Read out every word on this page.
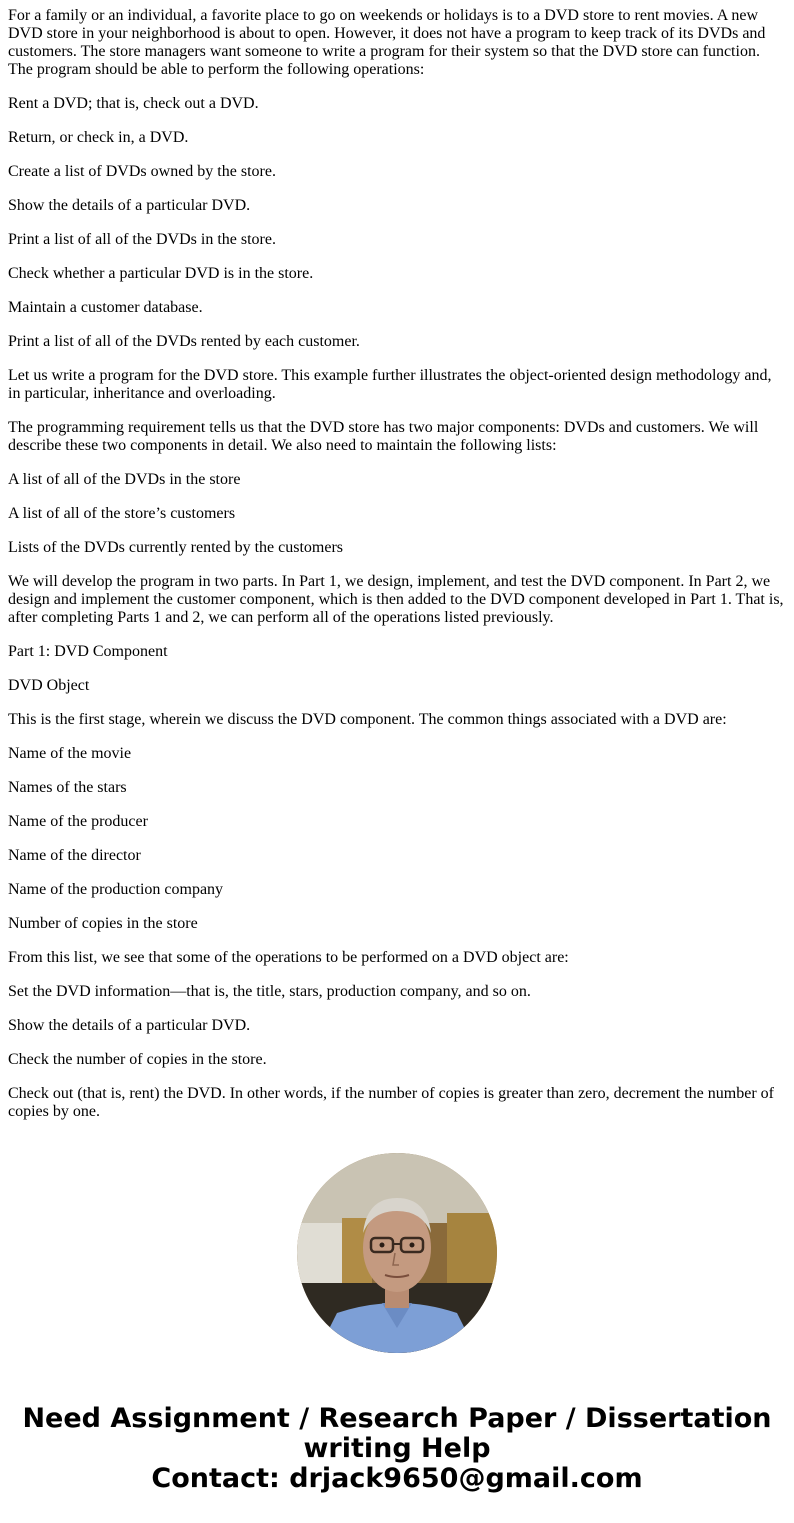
For a family or an individual, a favorite place to go on weekends or holidays is to a DVD store to rent movies. A new DVD store in your neighborhood is about to open. However, it does not have a program to keep track of its DVDs and customers. The store managers want someone to write a program for their system so that the DVD store can function. The program should be able to perform the following operations:

Rent a DVD; that is, check out a DVD.

Return, or check in, a DVD.

Create a list of DVDs owned by the store.

Show the details of a particular DVD.

Print a list of all of the DVDs in the store.

Check whether a particular DVD is in the store.

Maintain a customer database.

Print a list of all of the DVDs rented by each customer.

Let us write a program for the DVD store. This example further illustrates the object-oriented design methodology and, in particular, inheritance and overloading.

The programming requirement tells us that the DVD store has two major components: DVDs and customers. We will describe these two components in detail. We also need to maintain the following lists:

A list of all of the DVDs in the store

A list of all of the store’s customers

Lists of the DVDs currently rented by the customers

We will develop the program in two parts. In Part 1, we design, implement, and test the DVD component. In Part 2, we design and implement the customer component, which is then added to the DVD component developed in Part 1. That is, after completing Parts 1 and 2, we can perform all of the operations listed previously.

Part 1: DVD Component

DVD Object

This is the first stage, wherein we discuss the DVD component. The common things associated with a DVD are:

Name of the movie

Names of the stars

Name of the producer

Name of the director

Name of the production company

Number of copies in the store

From this list, we see that some of the operations to be performed on a DVD object are:

Set the DVD information—that is, the title, stars, production company, and so on.

Show the details of a particular DVD.

Check the number of copies in the store.

Check out (that is, rent) the DVD. In other words, if the number of copies is greater than zero, decrement the number of copies by one.

Need Assignment / Research Paper / Dissertation
writing Help
Contact: drjack9650@gmail.com
